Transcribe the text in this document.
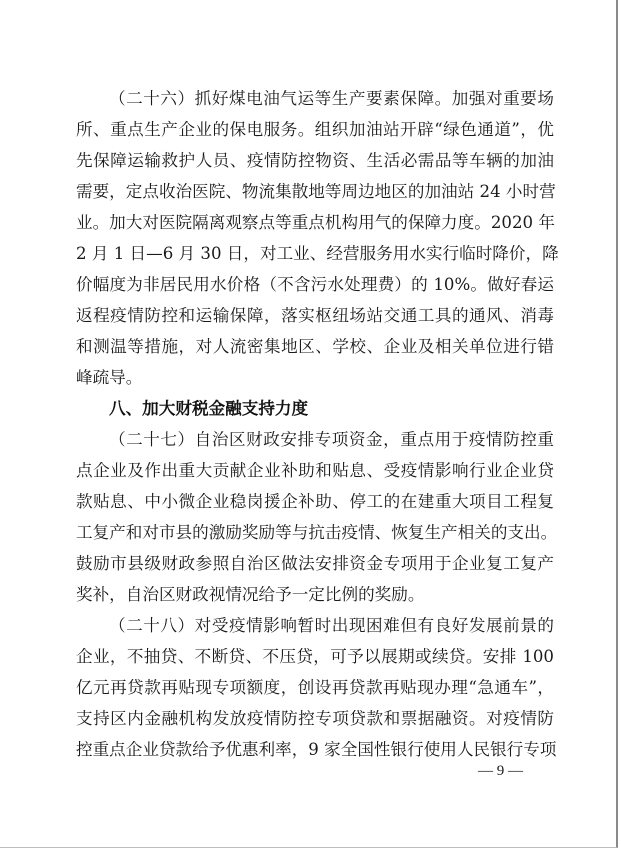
（二十六）抓好煤电油气运等生产要素保障。加强对重要场
所、重点生产企业的保电服务。组织加油站开辟“绿色通道”，优
先保障运输救护人员、疫情防控物资、生活必需品等车辆的加油
需要，定点收治医院、物流集散地等周边地区的加油站 24 小时营
业。加大对医院隔离观察点等重点机构用气的保障力度。2020 年
2 月 1 日—6 月 30 日，对工业、经营服务用水实行临时降价，降
价幅度为非居民用水价格（不含污水处理费）的 10%。做好春运
返程疫情防控和运输保障，落实枢纽场站交通工具的通风、消毒
和测温等措施，对人流密集地区、学校、企业及相关单位进行错
峰疏导。
八、加大财税金融支持力度
（二十七）自治区财政安排专项资金，重点用于疫情防控重
点企业及作出重大贡献企业补助和贴息、受疫情影响行业企业贷
款贴息、中小微企业稳岗援企补助、停工的在建重大项目工程复
工复产和对市县的激励奖励等与抗击疫情、恢复生产相关的支出。
鼓励市县级财政参照自治区做法安排资金专项用于企业复工复产
奖补，自治区财政视情况给予一定比例的奖励。
（二十八）对受疫情影响暂时出现困难但有良好发展前景的
企业，不抽贷、不断贷、不压贷，可予以展期或续贷。安排 100
亿元再贷款再贴现专项额度，创设再贷款再贴现办理“急通车”，
支持区内金融机构发放疫情防控专项贷款和票据融资。对疫情防
控重点企业贷款给予优惠利率，9 家全国性银行使用人民银行专项
— 9 —
